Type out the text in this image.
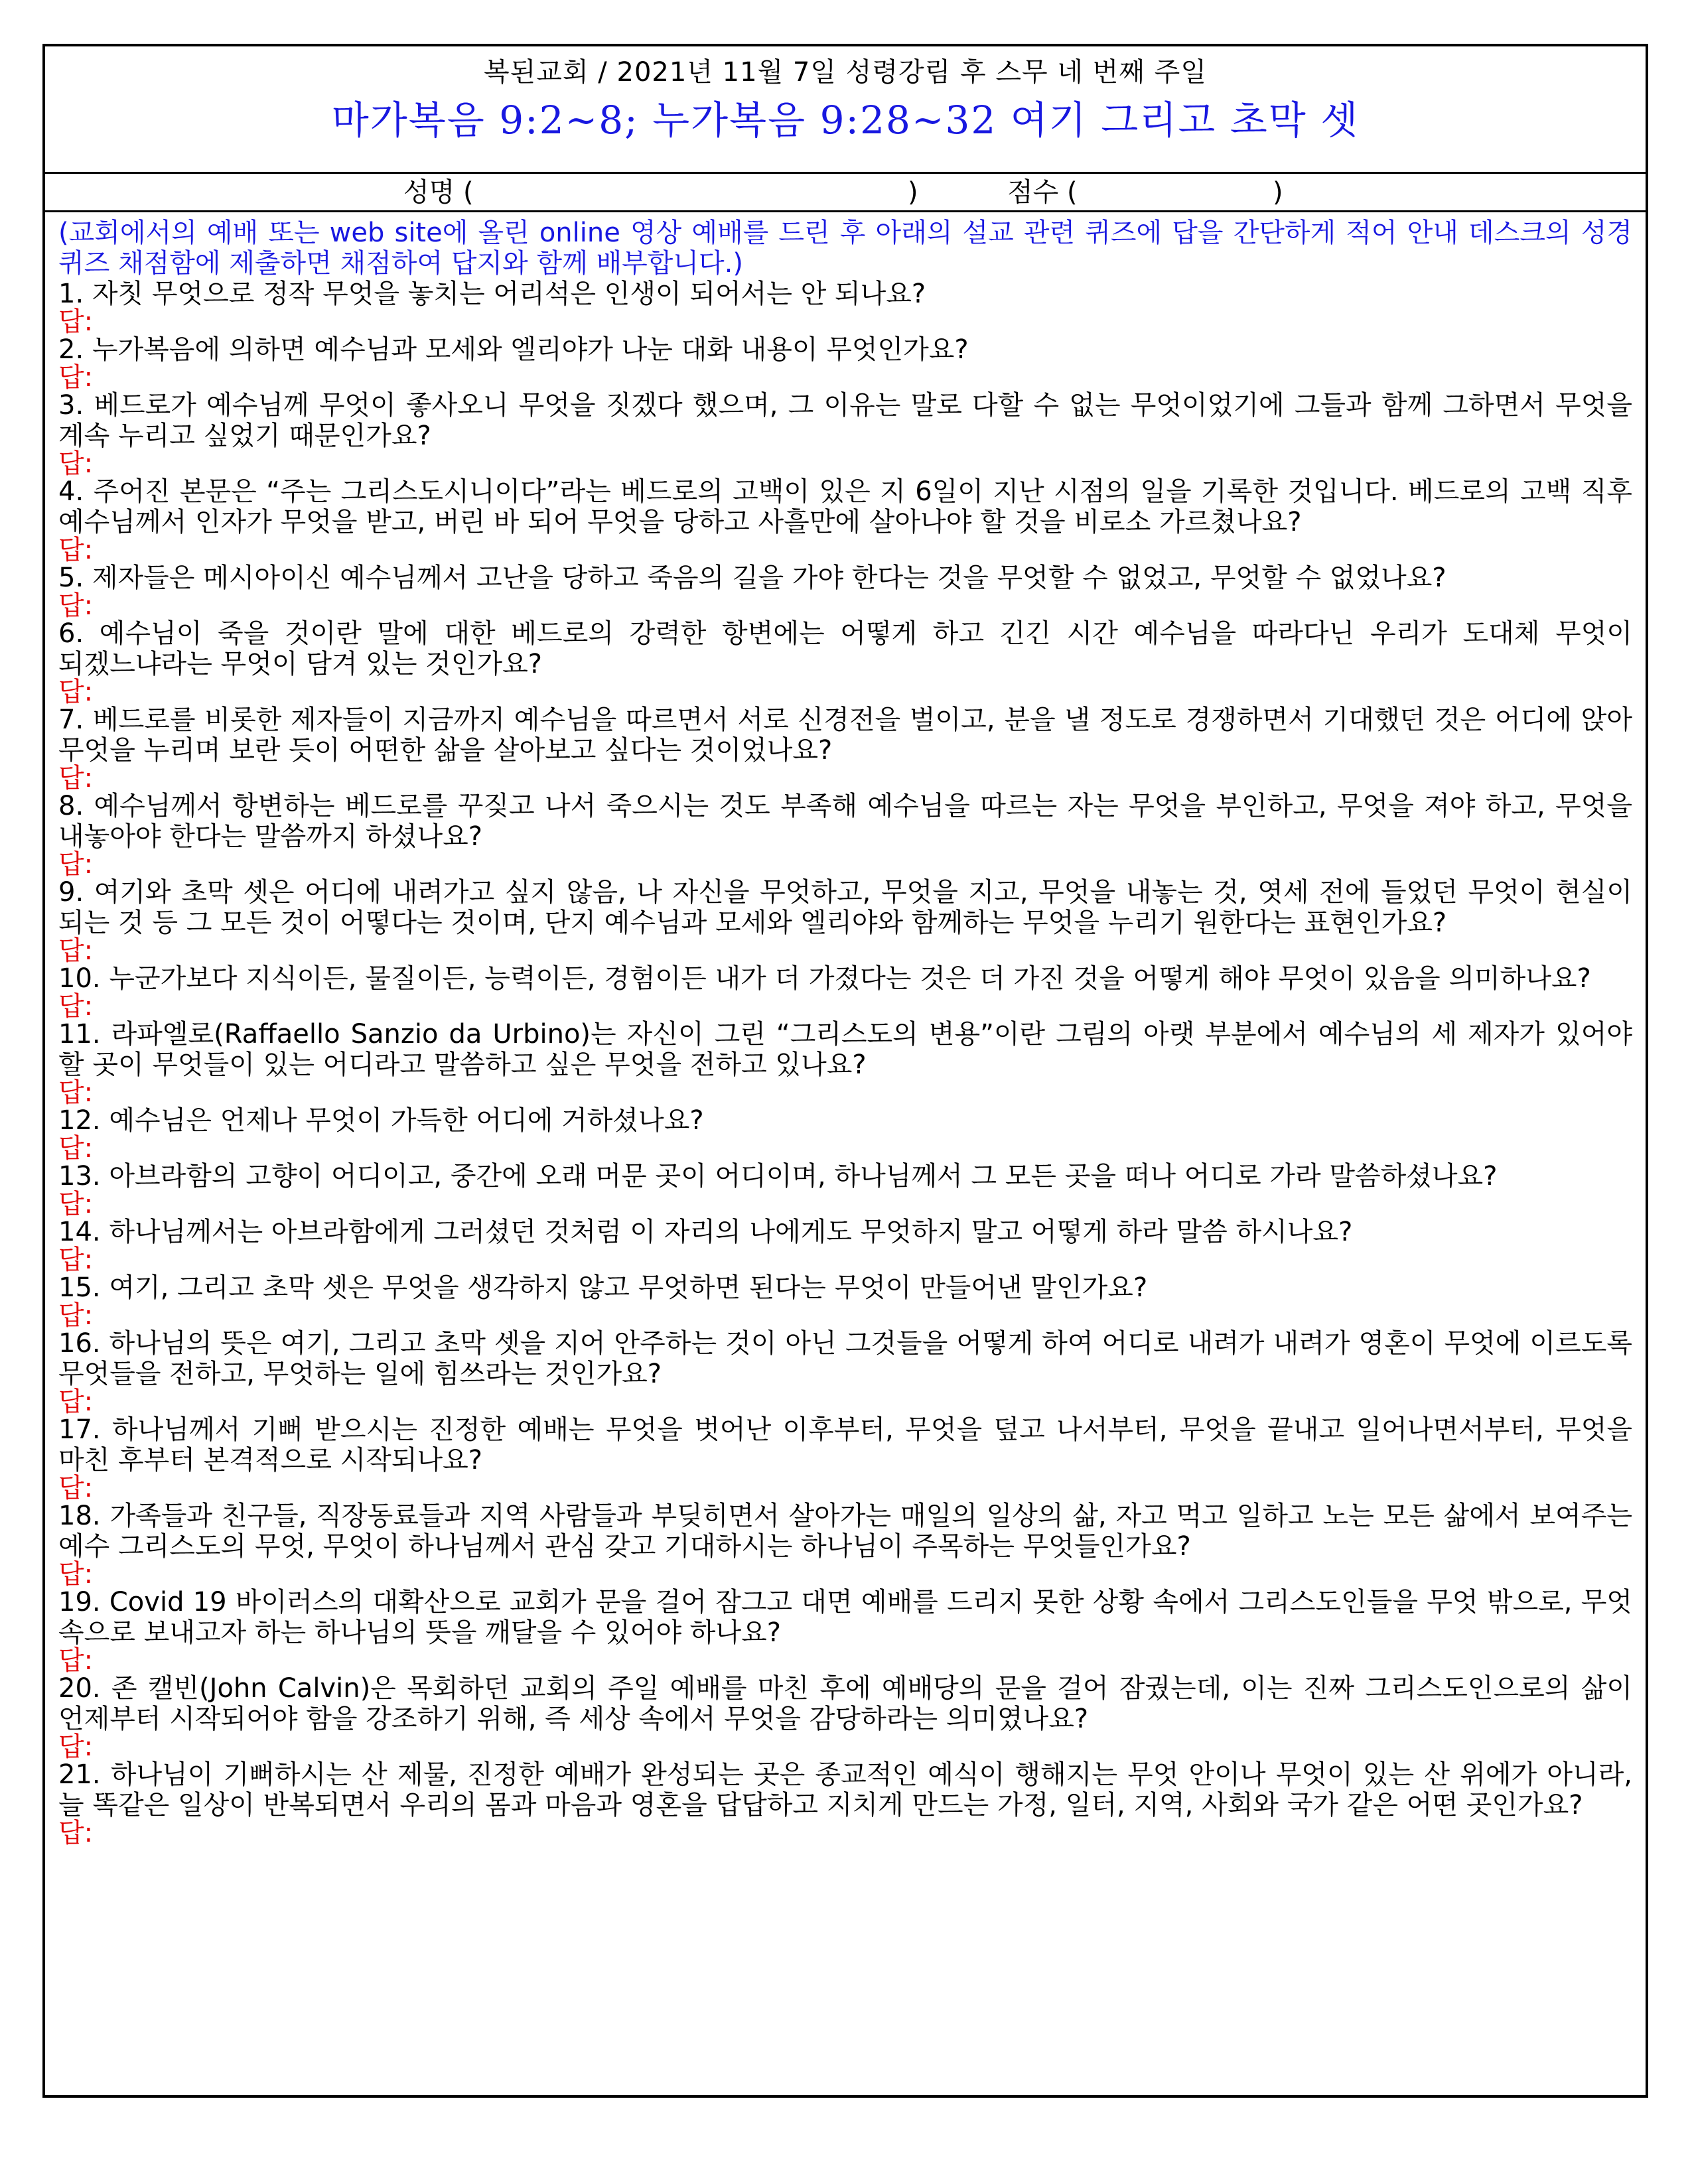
복된교회 / 2021년 11월 7일 성령강림 후 스무 네 번째 주일
마가복음 9:2~8; 누가복음 9:28~32 여기 그리고 초막 셋
성명 (	)	점수 (	)

(교회에서의 예배 또는 web site에 올린 online 영상 예배를 드린 후 아래의 설교 관련 퀴즈에 답을 간단하게 적어 안내 데스크의 성경 퀴즈 채점함에 제출하면 채점하여 답지와 함께 배부합니다.)

1. 자칫 무엇으로 정작 무엇을 놓치는 어리석은 인생이 되어서는 안 되나요?

답:

2. 누가복음에 의하면 예수님과 모세와 엘리야가 나눈 대화 내용이 무엇인가요?

답:

3. 베드로가 예수님께 무엇이 좋사오니 무엇을 짓겠다 했으며, 그 이유는 말로 다할 수 없는 무엇이었기에 그들과 함께 그하면서 무엇을 계속 누리고 싶었기 때문인가요?

답:

4. 주어진 본문은 “주는 그리스도시니이다”라는 베드로의 고백이 있은 지 6일이 지난 시점의 일을 기록한 것입니다. 베드로의 고백 직후 예수님께서 인자가 무엇을 받고, 버린 바 되어 무엇을 당하고 사흘만에 살아나야 할 것을 비로소 가르쳤나요?

답:

5. 제자들은 메시아이신 예수님께서 고난을 당하고 죽음의 길을 가야 한다는 것을 무엇할 수 없었고, 무엇할 수 없었나요?

답:

6. 예수님이 죽을 것이란 말에 대한 베드로의 강력한 항변에는 어떻게 하고 긴긴 시간 예수님을 따라다닌 우리가 도대체 무엇이 되겠느냐라는 무엇이 담겨 있는 것인가요?

답:

7. 베드로를 비롯한 제자들이 지금까지 예수님을 따르면서 서로 신경전을 벌이고, 분을 낼 정도로 경쟁하면서 기대했던 것은 어디에 앉아 무엇을 누리며 보란 듯이 어떤한 삶을 살아보고 싶다는 것이었나요?

답:

8. 예수님께서 항변하는 베드로를 꾸짖고 나서 죽으시는 것도 부족해 예수님을 따르는 자는 무엇을 부인하고, 무엇을 져야 하고, 무엇을 내놓아야 한다는 말씀까지 하셨나요?

답:

9. 여기와 초막 셋은 어디에 내려가고 싶지 않음, 나 자신을 무엇하고, 무엇을 지고, 무엇을 내놓는 것, 엿세 전에 들었던 무엇이 현실이 되는 것 등 그 모든 것이 어떻다는 것이며, 단지 예수님과 모세와 엘리야와 함께하는 무엇을 누리기 원한다는 표현인가요?

답:

10. 누군가보다 지식이든, 물질이든, 능력이든, 경험이든 내가 더 가졌다는 것은 더 가진 것을 어떻게 해야 무엇이 있음을 의미하나요?

답:

11. 라파엘로(Raffaello Sanzio da Urbino)는 자신이 그린 “그리스도의 변용”이란 그림의 아랫 부분에서 예수님의 세 제자가 있어야 할 곳이 무엇들이 있는 어디라고 말씀하고 싶은 무엇을 전하고 있나요?

답:

12. 예수님은 언제나 무엇이 가득한 어디에 거하셨나요?

답:

13. 아브라함의 고향이 어디이고, 중간에 오래 머문 곳이 어디이며, 하나님께서 그 모든 곳을 떠나 어디로 가라 말씀하셨나요?

답:

14. 하나님께서는 아브라함에게 그러셨던 것처럼 이 자리의 나에게도 무엇하지 말고 어떻게 하라 말씀 하시나요?

답:

15. 여기, 그리고 초막 셋은 무엇을 생각하지 않고 무엇하면 된다는 무엇이 만들어낸 말인가요?

답:

16. 하나님의 뜻은 여기, 그리고 초막 셋을 지어 안주하는 것이 아닌 그것들을 어떻게 하여 어디로 내려가 내려가 영혼이 무엇에 이르도록 무엇들을 전하고, 무엇하는 일에 힘쓰라는 것인가요?

답:

17. 하나님께서 기뻐 받으시는 진정한 예배는 무엇을 벗어난 이후부터, 무엇을 덮고 나서부터, 무엇을 끝내고 일어나면서부터, 무엇을 마친 후부터 본격적으로 시작되나요?

답:

18. 가족들과 친구들, 직장동료들과 지역 사람들과 부딪히면서 살아가는 매일의 일상의 삶, 자고 먹고 일하고 노는 모든 삶에서 보여주는 예수 그리스도의 무엇, 무엇이 하나님께서 관심 갖고 기대하시는 하나님이 주목하는 무엇들인가요?

답:

19. Covid 19 바이러스의 대확산으로 교회가 문을 걸어 잠그고 대면 예배를 드리지 못한 상황 속에서 그리스도인들을 무엇 밖으로, 무엇 속으로 보내고자 하는 하나님의 뜻을 깨달을 수 있어야 하나요?

답:

20. 존 캘빈(John Calvin)은 목회하던 교회의 주일 예배를 마친 후에 예배당의 문을 걸어 잠궜는데, 이는 진짜 그리스도인으로의 삶이 언제부터 시작되어야 함을 강조하기 위해, 즉 세상 속에서 무엇을 감당하라는 의미였나요?

답:

21. 하나님이 기뻐하시는 산 제물, 진정한 예배가 완성되는 곳은 종교적인 예식이 행해지는 무엇 안이나 무엇이 있는 산 위에가 아니라, 늘 똑같은 일상이 반복되면서 우리의 몸과 마음과 영혼을 답답하고 지치게 만드는 가정, 일터, 지역, 사회와 국가 같은 어떤 곳인가요?

답:
